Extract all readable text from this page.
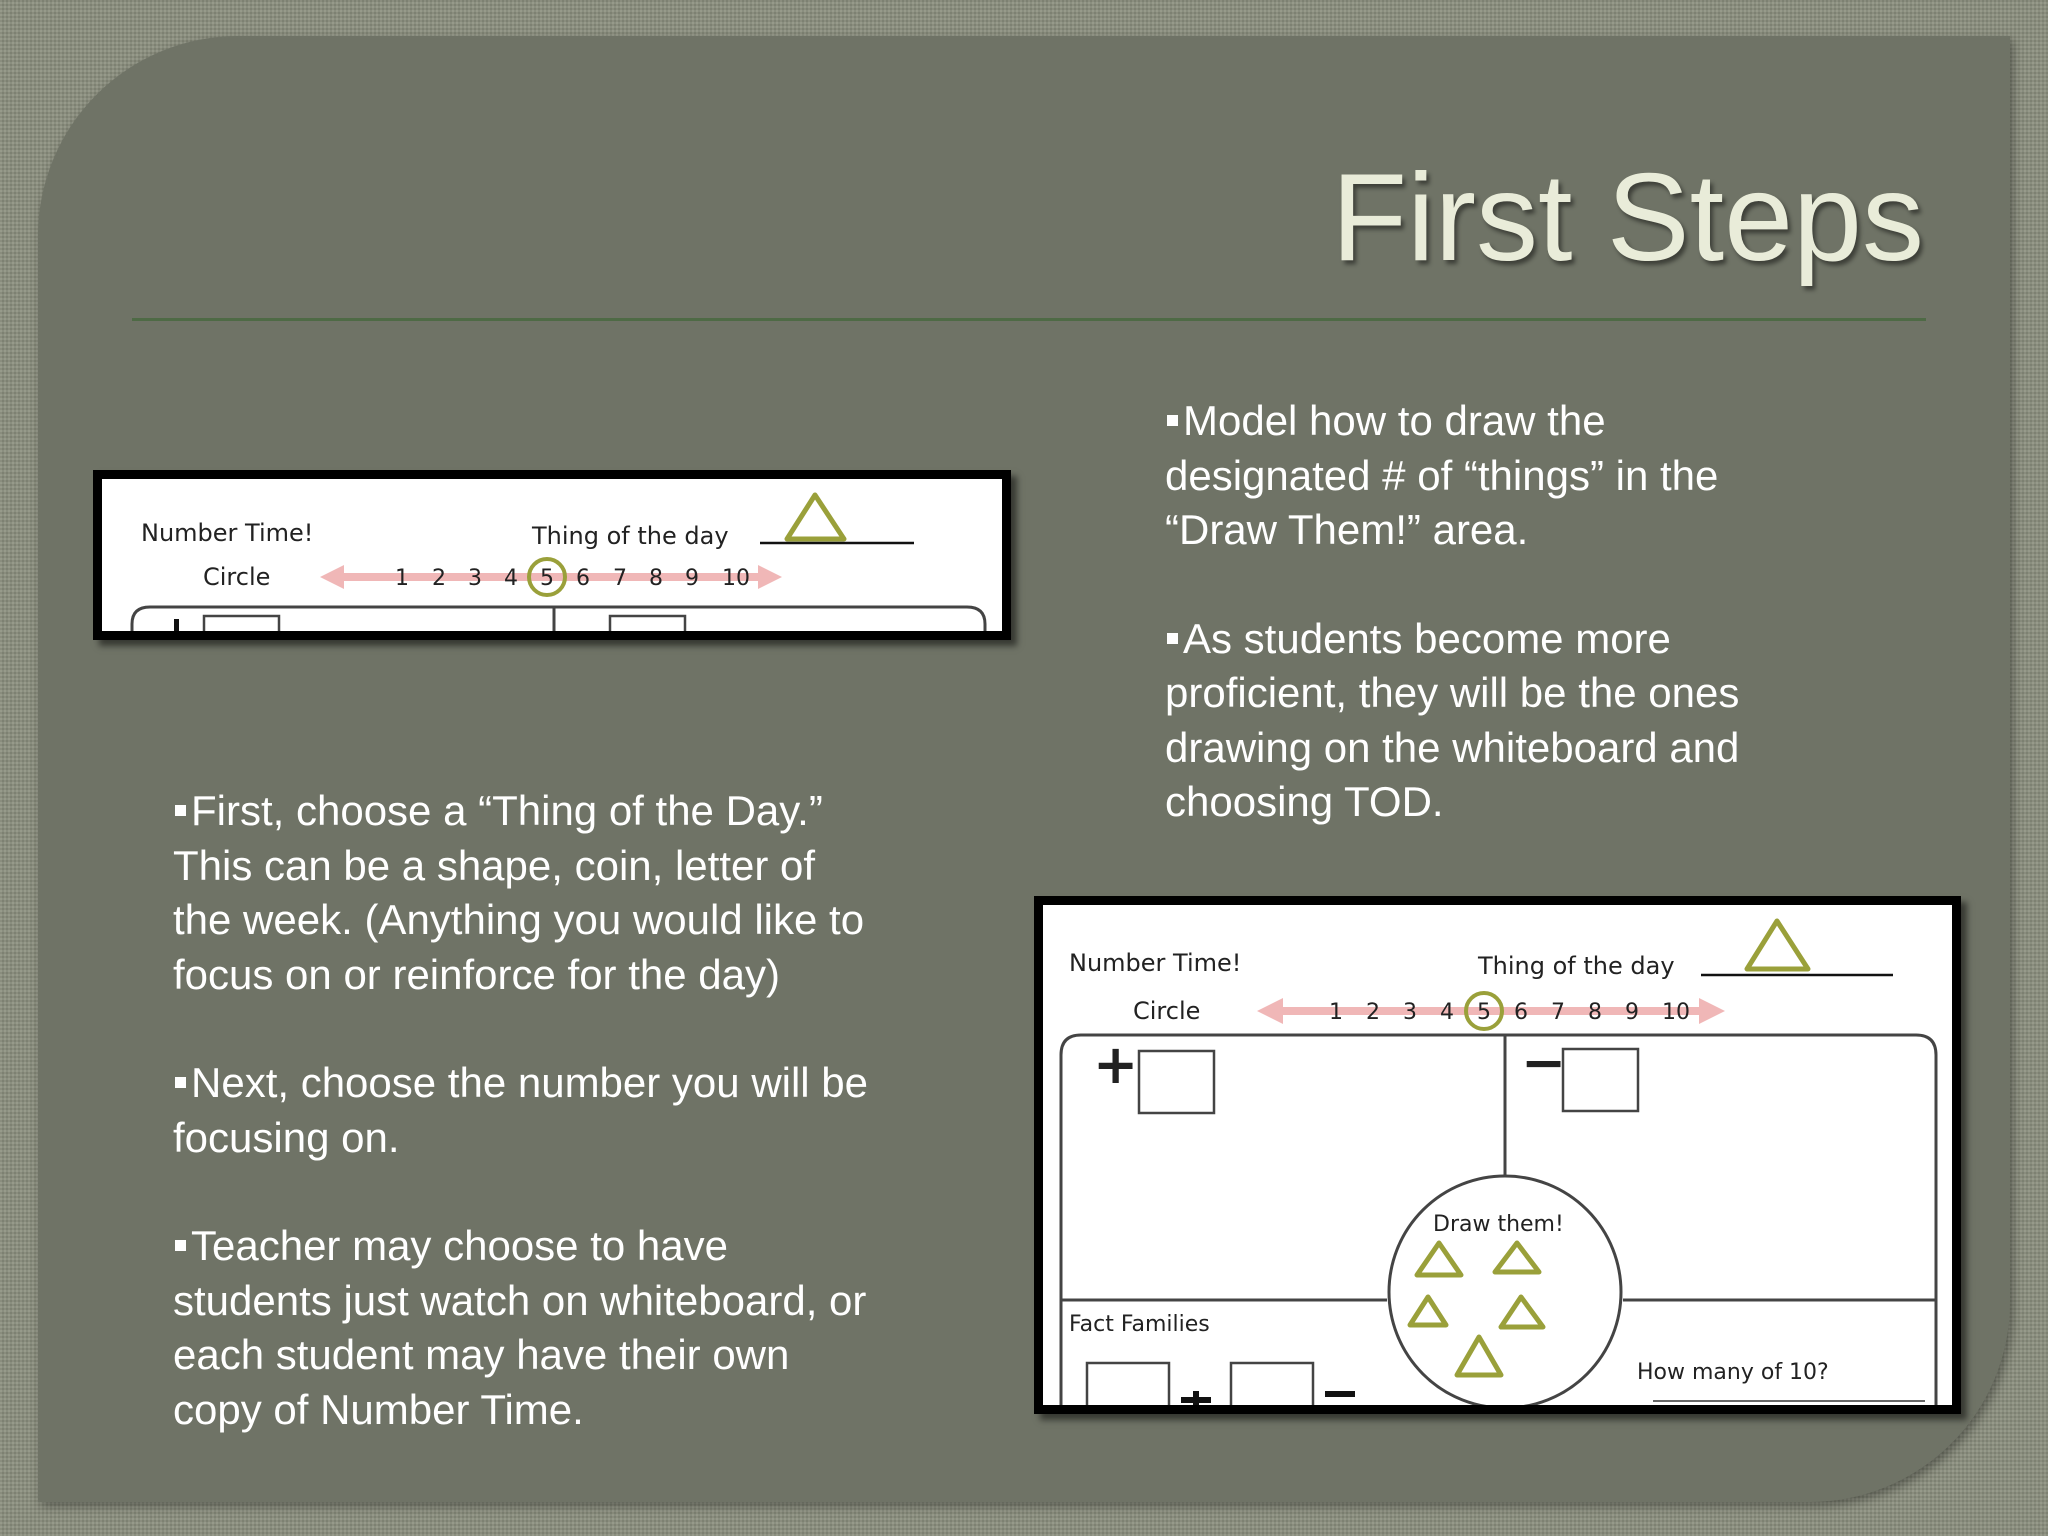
First Steps
Number Time!	Thing of the day
Circle	1 2 3 4 5 6 7 8 9 10

Model how to draw the
designated # of “things” in the
“Draw Them!” area.

As students become more
proficient, they will be the ones
drawing on the whiteboard and
choosing TOD.

First, choose a “Thing of the Day.”
This can be a shape, coin, letter of
the week. (Anything you would like to
focus on or reinforce for the day)

Next, choose the number you will be
focusing on.

Teacher may choose to have
students just watch on whiteboard, or
each student may have their own
copy of Number Time.

Number Time!	Thing of the day
Circle	1 2 3 4 5 6 7 8 9 10
+	−
Draw them!
Fact Families
How many of 10?
